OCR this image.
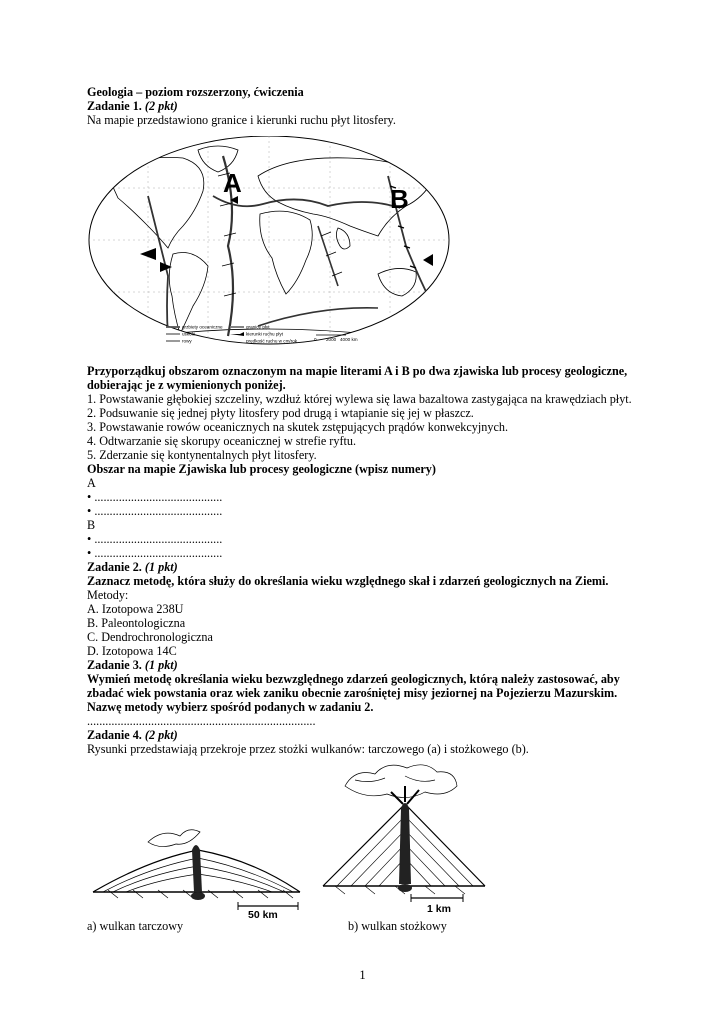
Geologia – poziom rozszerzony, ćwiczenia
Zadanie 1. (2 pkt)
Na mapie przedstawiono granice i kierunki ruchu płyt litosfery.
A
B
grzbiety oceaniczne
uskoki
rowy
granice płyt
kierunki ruchu płyt
prędkość ruchu w cm/rok	0 2000 4000 km
Przyporządkuj obszarom oznaczonym na mapie literami A i B po dwa zjawiska lub procesy geologiczne,
dobierając je z wymienionych poniżej.
1. Powstawanie głębokiej szczeliny, wzdłuż której wylewa się lawa bazaltowa zastygająca na krawędziach płyt.
2. Podsuwanie się jednej płyty litosfery pod drugą i wtapianie się jej w płaszcz.
3. Powstawanie rowów oceanicznych na skutek zstępujących prądów konwekcyjnych.
4. Odtwarzanie się skorupy oceanicznej w strefie ryftu.
5. Zderzanie się kontynentalnych płyt litosfery.
Obszar na mapie Zjawiska lub procesy geologiczne (wpisz numery)
A
• ..........................................
• ..........................................
B
• ..........................................
• ..........................................
Zadanie 2. (1 pkt)
Zaznacz metodę, która służy do określania wieku względnego skał i zdarzeń geologicznych na Ziemi.
Metody:
A. Izotopowa 238U
B. Paleontologiczna
C. Dendrochronologiczna
D. Izotopowa 14C
Zadanie 3. (1 pkt)
Wymień metodę określania wieku bezwzględnego zdarzeń geologicznych, którą należy zastosować, aby
zbadać wiek powstania oraz wiek zaniku obecnie zarośniętej misy jeziornej na Pojezierzu Mazurskim.
Nazwę metody wybierz spośród podanych w zadaniu 2.
...........................................................................
Zadanie 4. (2 pkt)
Rysunki przedstawiają przekroje przez stożki wulkanów: tarczowego (a) i stożkowego (b).
50 km	1 km
a) wulkan tarczowy	b) wulkan stożkowy
1
